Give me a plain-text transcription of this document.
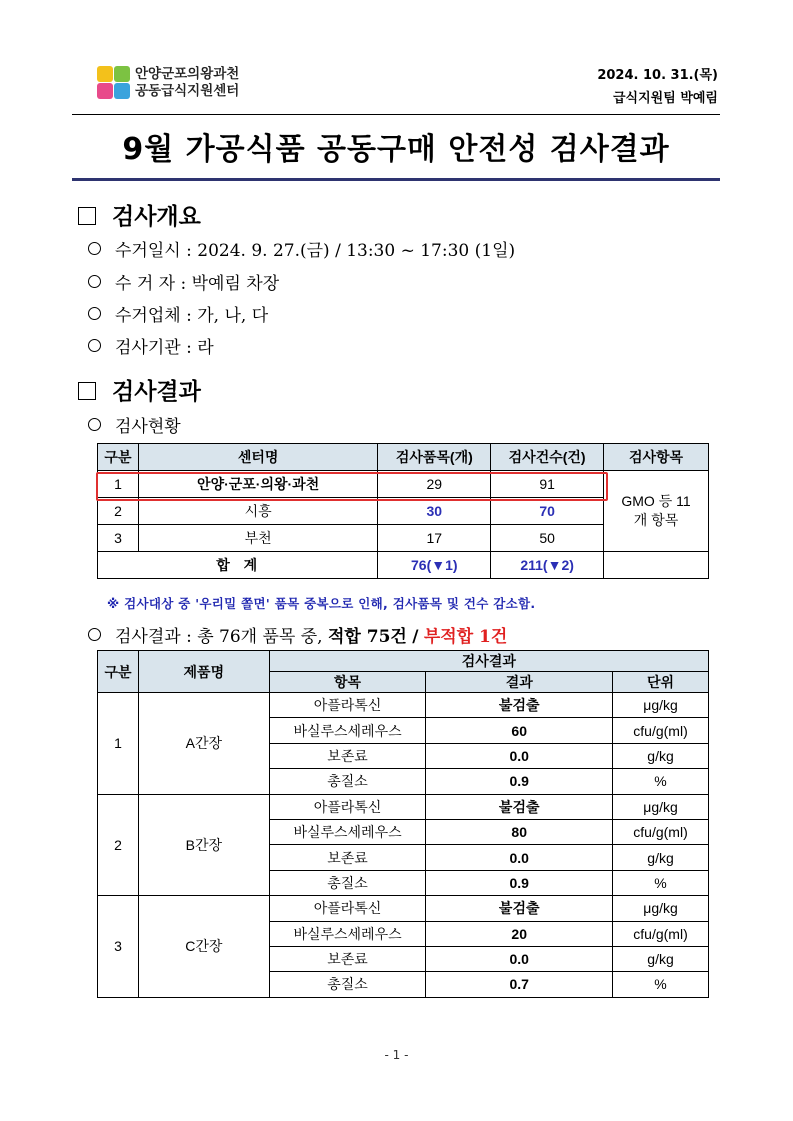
안양군포의왕과천
공동급식지원센터
2024. 10. 31.(목)
급식지원팀 박예림
9월 가공식품 공동구매 안전성 검사결과
검사개요
수거일시 : 2024. 9. 27.(금) / 13:30 ~ 17:30 (1일)
수 거 자 : 박예림 차장
수거업체 : 가, 나, 다
검사기관 : 라
검사결과
검사현황
구분	센터명	검사품목(개)	검사건수(건)	검사항목
1	안양·군포·의왕·과천	29	91	GMO 등 11개 항목

2	시흥	30	70	
3	부천	17	50	
합  계		76(▼1)	211(▼2)	
※ 검사대상 중 '우리밀 쫄면' 품목 중복으로 인해, 검사품목 및 건수 감소함.
검사결과 : 총 76개 품목 중, 적합 75건 / 부적합 1건
구분	제품명	검사결과		
		항목	결과	단위
1	A간장	아플라톡신	불검출	μg/kg
		바실루스세레우스	60	cfu/g(ml)
		보존료	0.0	g/kg
		총질소	0.9	%
2	B간장	아플라톡신	불검출	μg/kg
		바실루스세레우스	80	cfu/g(ml)
		보존료	0.0	g/kg
		총질소	0.9	%
3	C간장	아플라톡신	불검출	μg/kg
		바실루스세레우스	20	cfu/g(ml)
		보존료	0.0	g/kg
		총질소	0.7	%
- 1 -
